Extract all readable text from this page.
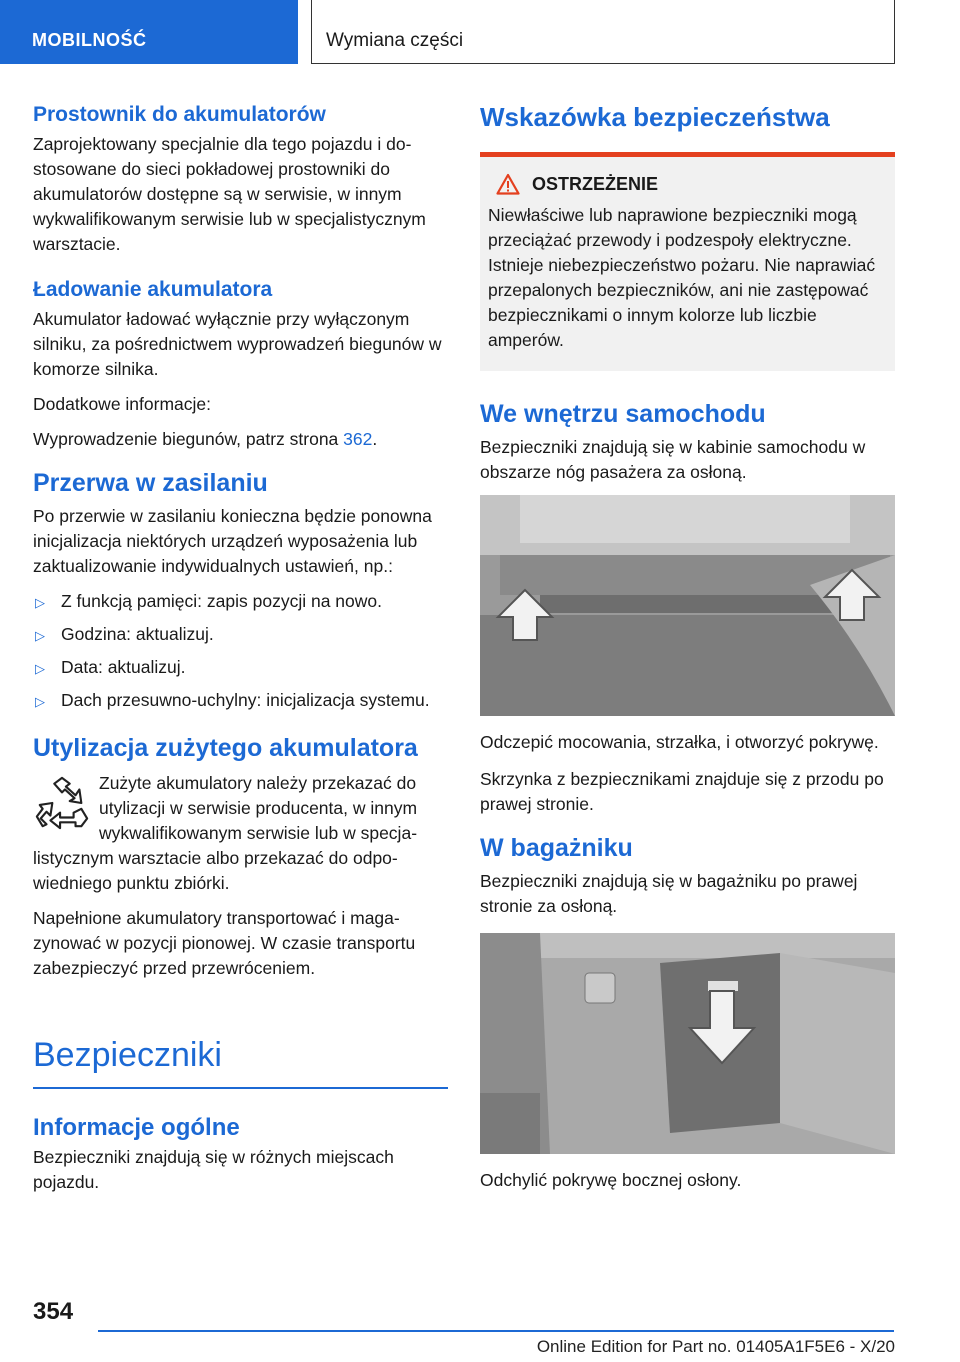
MOBILNOŚĆ	Wymiana części
Prostownik do akumulatorów

Zaprojektowany specjalnie dla tego pojazdu i dostosowane do sieci pokładowej prostowniki do akumulatorów dostępne są w serwisie, w innym wykwalifikowanym serwisie lub w specjalistycznym warsztacie.

Ładowanie akumulatora

Akumulator ładować wyłącznie przy wyłączonym silniku, za pośrednictwem wyprowadzeń biegunów w komorze silnika.

Dodatkowe informacje:

Wyprowadzenie biegunów, patrz strona 362.

Przerwa w zasilaniu

Po przerwie w zasilaniu konieczna będzie ponowna inicjalizacja niektórych urządzeń wyposażenia lub zaktualizowanie indywidualnych ustawień, np.:

▷ Z funkcją pamięci: zapis pozycji na nowo.
▷ Godzina: aktualizuj.
▷ Data: aktualizuj.
▷ Dach przesuwno-uchylny: inicjalizacja systemu.
Utylizacja zużytego akumulatora

Zużyte akumulatory należy przekazać do utylizacji w serwisie producenta, w innym wykwalifikowanym serwisie lub w specjalistycznym warsztacie albo przekazać do odpowiedniego punktu zbiórki.

Napełnione akumulatory transportować i magazynować w pozycji pionowej. W czasie transportu zabezpieczyć przed przewróceniem.

Bezpieczniki
Informacje ogólne

Bezpieczniki znajdują się w różnych miejscach pojazdu.

Wskazówka bezpieczeństwa
OSTRZEŻENIE
Niewłaściwe lub naprawione bezpieczniki mogą przeciążać przewody i podzespoły elektryczne. Istnieje niebezpieczeństwo pożaru. Nie naprawiać przepalonych bezpieczników, ani nie zastępować bezpiecznikami o innym kolorze lub liczbie amperów.
We wnętrzu samochodu

Bezpieczniki znajdują się w kabinie samochodu w obszarze nóg pasażera za osłoną.

Odczepić mocowania, strzałka, i otworzyć pokrywę.

Skrzynka z bezpiecznikami znajduje się z przodu po prawej stronie.

W bagażniku

Bezpieczniki znajdują się w bagażniku po prawej stronie za osłoną.

Odchylić pokrywę bocznej osłony.

354
Online Edition for Part no. 01405A1F5E6 - X/20
